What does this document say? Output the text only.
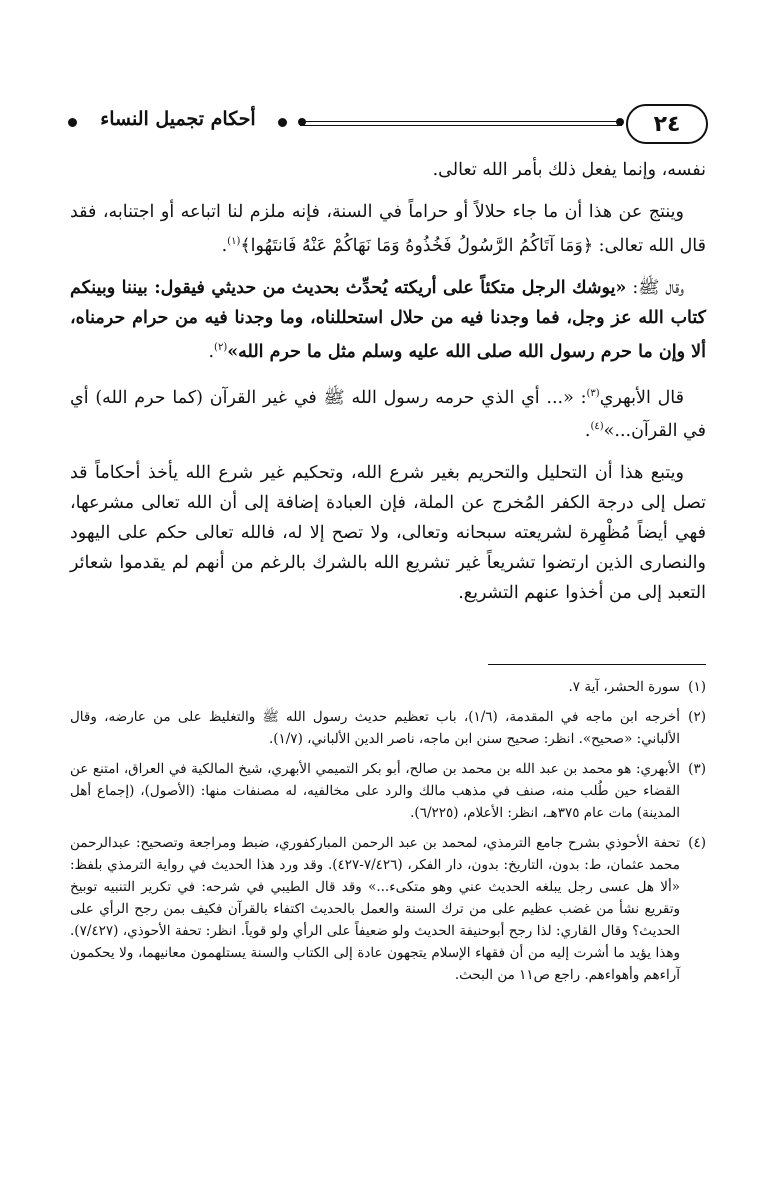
٢٤
أحكام تجميل النساء

نفسه، وإنما يفعل ذلك بأمر الله تعالى.

وينتج عن هذا أن ما جاء حلالاً أو حراماً في السنة، فإنه ملزم لنا اتباعه أو اجتنابه، فقد قال الله تعالى: ﴿وَمَا آتَاكُمُ الرَّسُولُ فَخُذُوهُ وَمَا نَهَاكُمْ عَنْهُ فَانتَهُوا﴾$^{(١)}$.

وقال ﷺ: «يوشك الرجل متكئاً على أريكته يُحدِّث بحديث من حديثي فيقول: بيننا وبينكم كتاب الله عز وجل، فما وجدنا فيه من حلال استحللناه، وما وجدنا فيه من حرام حرمناه، ألا وإن ما حرم رسول الله صلى الله عليه وسلم مثل ما حرم الله»$^{(٢)}$.

قال الأبهري$^{(٣)}$: «... أي الذي حرمه رسول الله ﷺ في غير القرآن (كما حرم الله) أي في القرآن...»$^{(٤)}$.

ويتبع هذا أن التحليل والتحريم بغير شرع الله، وتحكيم غير شرع الله يأخذ أحكاماً قد تصل إلى درجة الكفر المُخرج عن الملة، فإن العبادة إضافة إلى أن الله تعالى مشرعها، فهي أيضاً مُظْهِرة لشريعته سبحانه وتعالى، ولا تصح إلا له، فالله تعالى حكم على اليهود والنصارى الذين ارتضوا تشريعاً غير تشريع الله بالشرك بالرغم من أنهم لم يقدموا شعائر التعبد إلى من أخذوا عنهم التشريع.

(١)
سورة الحشر، آية ٧.
(٢)
أخرجه ابن ماجه في المقدمة، (١/٦)، باب تعظيم حديث رسول الله ﷺ والتغليظ على من عارضه، وقال الألباني: «صحيح». انظر: صحيح سنن ابن ماجه، ناصر الدين الألباني، (١/٧).
(٣)
الأبهري: هو محمد بن عبد الله بن محمد بن صالح، أبو بكر التميمي الأبهري، شيخ المالكية في العراق، امتنع عن القضاء حين طُلب منه، صنف في مذهب مالك والرد على مخالفيه، له مصنفات منها: (الأصول)، (إجماع أهل المدينة) مات عام ٣٧٥هـ، انظر: الأعلام، (٦/٢٢٥).
(٤)
تحفة الأحوذي بشرح جامع الترمذي، لمحمد بن عبد الرحمن المباركفوري، ضبط ومراجعة وتصحيح: عبدالرحمن محمد عثمان، ط: بدون، التاريخ: بدون، دار الفكر، (٧/٤٢٦-٤٢٧). وقد ورد هذا الحديث في رواية الترمذي بلفظ: «ألا هل عسى رجل يبلغه الحديث عني وهو متكىء...» وقد قال الطيبي في شرحه: في تكرير التنبيه توبيخ وتقريع نشأ من غضب عظيم على من ترك السنة والعمل بالحديث اكتفاء بالقرآن فكيف بمن رجح الرأي على الحديث؟ وقال القاري: لذا رجح أبوحنيفة الحديث ولو ضعيفاً على الرأي ولو قوياً. انظر: تحفة الأحوذي، (٧/٤٢٧). وهذا يؤيد ما أشرت إليه من أن فقهاء الإسلام يتجهون عادة إلى الكتاب والسنة يستلهمون معانيهما، ولا يحكمون آراءهم وأهواءهم. راجع ص١١ من البحث.
